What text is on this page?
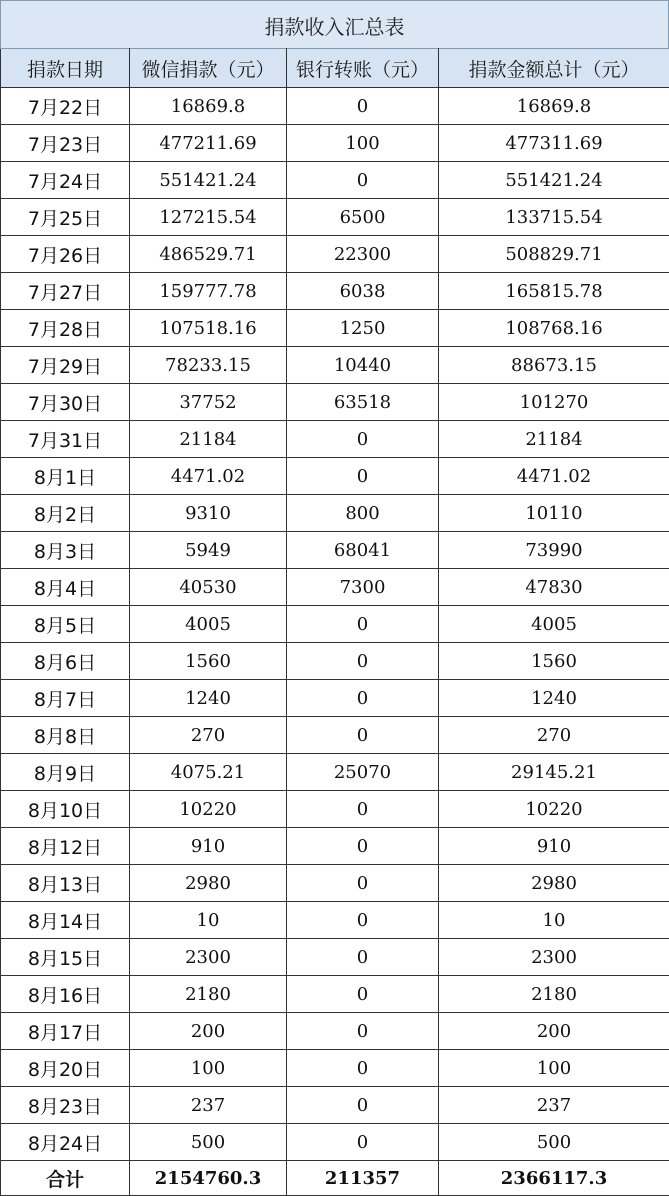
捐款收入汇总表
捐款日期	微信捐款（元）	银行转账（元）	捐款金额总计（元）
7月22日	16869.8	0	16869.8
7月23日	477211.69	100	477311.69
7月24日	551421.24	0	551421.24
7月25日	127215.54	6500	133715.54
7月26日	486529.71	22300	508829.71
7月27日	159777.78	6038	165815.78
7月28日	107518.16	1250	108768.16
7月29日	78233.15	10440	88673.15
7月30日	37752	63518	101270
7月31日	21184	0	21184
8月1日	4471.02	0	4471.02
8月2日	9310	800	10110
8月3日	5949	68041	73990
8月4日	40530	7300	47830
8月5日	4005	0	4005
8月6日	1560	0	1560
8月7日	1240	0	1240
8月8日	270	0	270
8月9日	4075.21	25070	29145.21
8月10日	10220	0	10220
8月12日	910	0	910
8月13日	2980	0	2980
8月14日	10	0	10
8月15日	2300	0	2300
8月16日	2180	0	2180
8月17日	200	0	200
8月20日	100	0	100
8月23日	237	0	237
8月24日	500	0	500
合计	2154760.3	211357	2366117.3
